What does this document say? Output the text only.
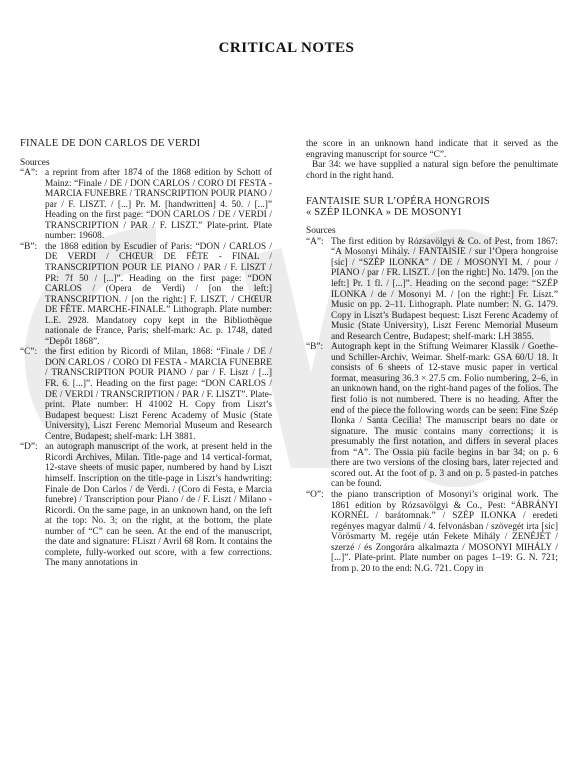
CRITICAL NOTES

FINALE DE DON CARLOS DE VERDI

Sources

“A”: a reprint from after 1874 of the 1868 edition by Schott of Mainz: “Finale / DE / DON CARLOS / CORO DI FESTA - MARCIA FUNEBRE / TRANSCRIPTION POUR PIANO / par / F. LISZT. / [...] Pr. M. [handwritten] 4. 50. / [...]” Heading on the first page: “DON CARLOS / DE / VERDI / TRANSCRIPTION / PAR / F. LISZT.” Plate-print. Plate number: 19608.
“B”: the 1868 edition by Escudier of Paris: “DON / CARLOS / DE VERDI / CHŒUR DE FÊTE - FINAL / TRANSCRIPTION POUR LE PIANO / PAR / F. LISZT / PR: 7f 50 / [...]”. Heading on the first page: “DON CARLOS / (Opera de Verdi) / [on the left:] TRANSCRIPTION. / [on the right:] F. LISZT. / CHŒUR DE FÊTE. MARCHE-FINALE.” Lithograph. Plate number: L.E. 2928. Mandatory copy kept in the Bibliothèque nationale de France, Paris; shelf-mark: Ac. p. 1748, dated “Depôt 1868”.
“C”: the first edition by Ricordi of Milan, 1868: “Finale / DE / DON CARLOS / CORO DI FESTA - MARCIA FUNEBRE / TRANSCRIPTION POUR PIANO / par / F. Liszt / [...] FR. 6. [...]”. Heading on the first page: “DON CARLOS / DE / VERDI / TRANSCRIPTION / PAR / F. LISZT”. Plate-print. Plate number: H 41002 H. Copy from Liszt’s Budapest bequest: Liszt Ferenc Academy of Music (State University), Liszt Ferenc Memorial Museum and Research Centre, Budapest; shelf-mark: LH 3881.
“D”: an autograph manuscript of the work, at present held in the Ricordi Archives, Milan. Title-page and 14 vertical-format, 12-stave sheets of music paper, numbered by hand by Liszt himself. Inscription on the title-page in Liszt’s handwriting: Finale de Don Carlos / de Verdi. / (Coro di Festa, e Marcia funebre) / Transcription pour Piano / de / F. Liszt / Milano - Ricordi. On the same page, in an unknown hand, on the left at the top: No. 3; on the right, at the bottom, the plate number of “C” can be seen. At the end of the manuscript, the date and signature: FLiszt / Avril 68 Rom. It contains the complete, fully-worked out score, with a few corrections. The many annotations in

the score in an unknown hand indicate that it served as the engraving manuscript for source “C”.

Bar 34: we have supplied a natural sign before the penultimate chord in the right hand.

FANTAISIE SUR L’OPÉRA HONGROIS

« SZÉP ILONKA » DE MOSONYI

Sources

“A”: The first edition by Rózsavölgyi & Co. of Pest, from 1867: “A Mosonyi Mihály. / FANTAISIE / sur l’Opera hongroise [sic] / “SZÉP ILONKA” / DE / MOSONYI M. / pour / PIANO / par / FR. LISZT. / [on the right:] No. 1479. [on the left:] Pr. 1 fl. / [...]”. Heading on the second page: “SZÉP ILONKA / de / Mosonyi M. / [on the right:] Fr. Liszt.” Music on pp. 2–11. Lithograph. Plate number: N. G. 1479. Copy in Liszt’s Budapest bequest: Liszt Ferenc Academy of Music (State University), Liszt Ferenc Memorial Museum and Research Centre, Budapest; shelf-mark: LH 3855.
“B”: Autograph kept in the Stiftung Weimarer Klassik / Goethe- und Schiller-Archiv, Weimar. Shelf-mark: GSA 60/U 18. It consists of 6 sheets of 12-stave music paper in vertical format, measuring 36.3 × 27.5 cm. Folio numbering, 2–6, in an unknown hand, on the right-hand pages of the folios. The first folio is not numbered. There is no heading. After the end of the piece the following words can be seen: Fine Szép Ilonka / Santa Cecilia! The manuscript bears no date or signature. The music contains many corrections; it is presumably the first notation, and differs in several places from “A”. The Ossia più facile begins in bar 34; on p. 6 there are two versions of the closing bars, later rejected and scored out. At the foot of p. 3 and on p. 5 pasted-in patches can be found.
“O”: the piano transcription of Mosonyi’s original work. The 1861 edition by Rózsavölgyi & Co., Pest: “ÁBRÁNYI KORNÉL / barátomnak.” / SZÉP ILONKA / eredeti regényes magyar dalmű / 4. felvonásban / szövegét irta [sic] Vörösmarty M. regéje után Fekete Mihály / ZENÉJÉT / szerzé / és Zongorára alkalmazta / MOSONYI MIHÁLY / [...]”. Plate-print. Plate number on pages 1–19: G. N. 721; from p. 20 to the end: N.G. 721. Copy in
